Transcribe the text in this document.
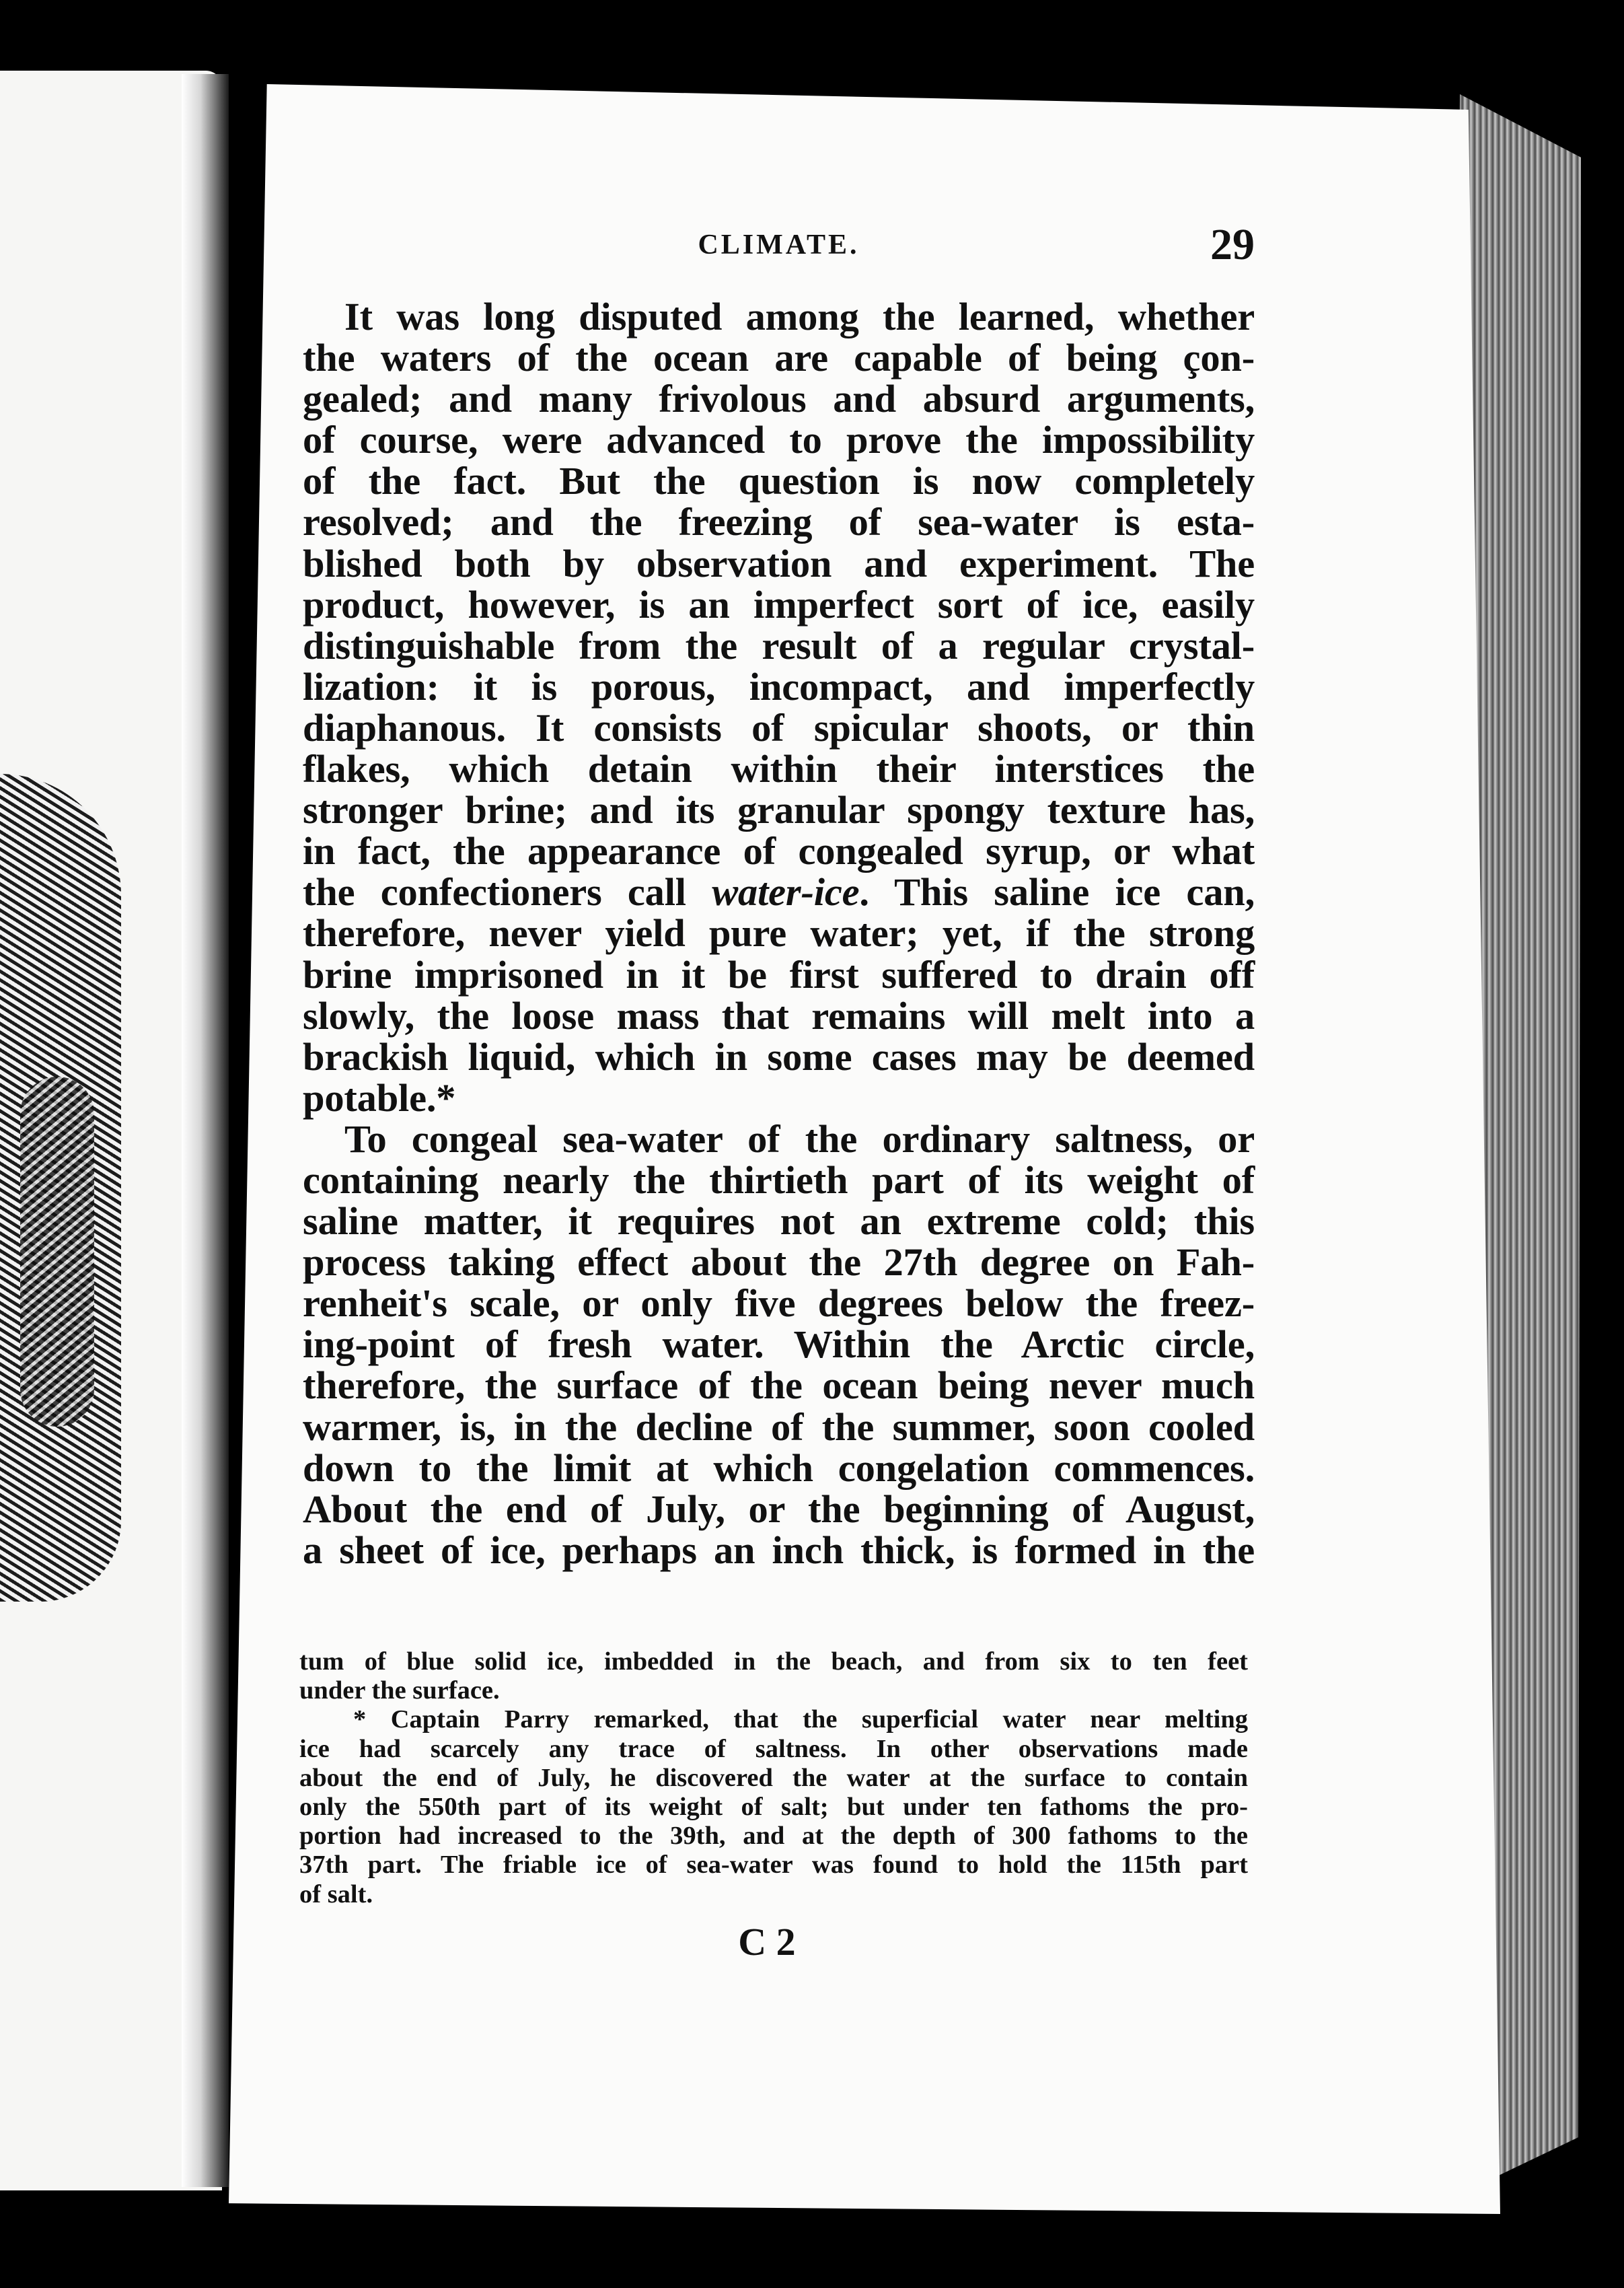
CLIMATE.	29
It was long disputed among the learned, whether
the waters of the ocean are capable of being çon-
gealed; and many frivolous and absurd arguments,
of course, were advanced to prove the impossibility
of the fact. But the question is now completely
resolved; and the freezing of sea-water is esta-
blished both by observation and experiment. The
product, however, is an imperfect sort of ice, easily
distinguishable from the result of a regular crystal-
lization: it is porous, incompact, and imperfectly
diaphanous. It consists of spicular shoots, or thin
flakes, which detain within their interstices the
stronger brine; and its granular spongy texture has,
in fact, the appearance of congealed syrup, or what
the confectioners call water-ice. This saline ice can,
therefore, never yield pure water; yet, if the strong
brine imprisoned in it be first suffered to drain off
slowly, the loose mass that remains will melt into a
brackish liquid, which in some cases may be deemed
potable.*
To congeal sea-water of the ordinary saltness, or
containing nearly the thirtieth part of its weight of
saline matter, it requires not an extreme cold; this
process taking effect about the 27th degree on Fah-
renheit's scale, or only five degrees below the freez-
ing-point of fresh water. Within the Arctic circle,
therefore, the surface of the ocean being never much
warmer, is, in the decline of the summer, soon cooled
down to the limit at which congelation commences.
About the end of July, or the beginning of August,
a sheet of ice, perhaps an inch thick, is formed in the
tum of blue solid ice, imbedded in the beach, and from six to ten feet
under the surface.
* Captain Parry remarked, that the superficial water near melting
ice had scarcely any trace of saltness. In other observations made
about the end of July, he discovered the water at the surface to contain
only the 550th part of its weight of salt; but under ten fathoms the pro-
portion had increased to the 39th, and at the depth of 300 fathoms to the
37th part. The friable ice of sea-water was found to hold the 115th part
of salt.
C 2
